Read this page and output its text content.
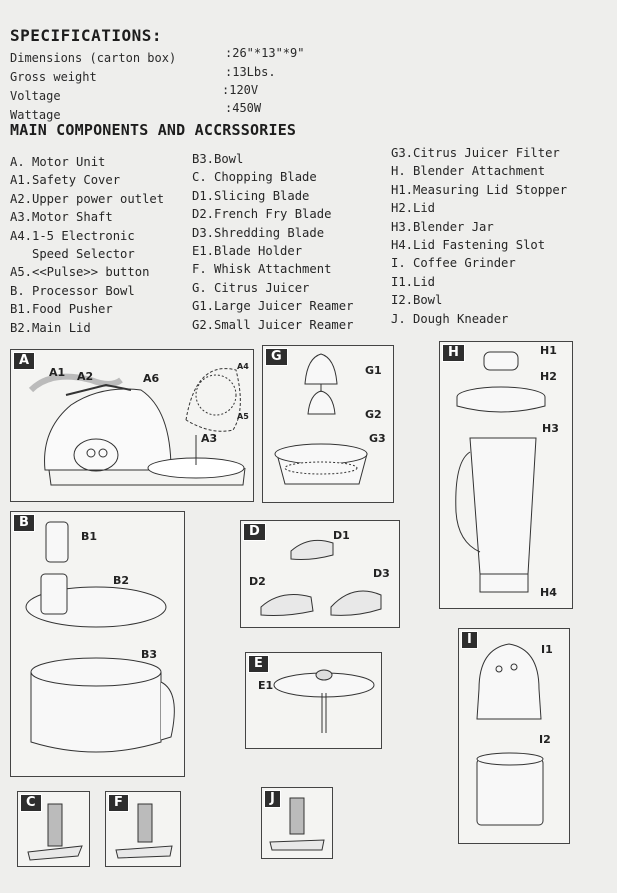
SPECIFICATIONS:
Dimensions (carton box)	:26"*13"*9"
Gross weight	:13Lbs.
Voltage	:120V
Wattage	:450W
MAIN COMPONENTS AND ACCRSSORIES
A. Motor Unit
A1.Safety Cover
A2.Upper power outlet
A3.Motor Shaft
A4.1-5 Electronic
Speed Selector
A5.<<Pulse>> button
B. Processor Bowl
B1.Food Pusher
B2.Main Lid
B3.Bowl
C. Chopping Blade
D1.Slicing Blade
D2.French Fry Blade
D3.Shredding Blade
E1.Blade Holder
F. Whisk Attachment
G. Citrus Juicer
G1.Large Juicer Reamer
G2.Small Juicer Reamer
G3.Citrus Juicer Filter
H. Blender Attachment
H1.Measuring Lid Stopper
H2.Lid
H3.Blender Jar
H4.Lid Fastening Slot
I. Coffee Grinder
I1.Lid
I2.Bowl
J. Dough Kneader
A
A1 A2	A6
A4
A5
A3
G
G1
G2
G3
H	H1
H2
H3
H4
B
B1
B2
B3
D	D1
D2
D3
E
E1
I
I1
I2
C	F	J
